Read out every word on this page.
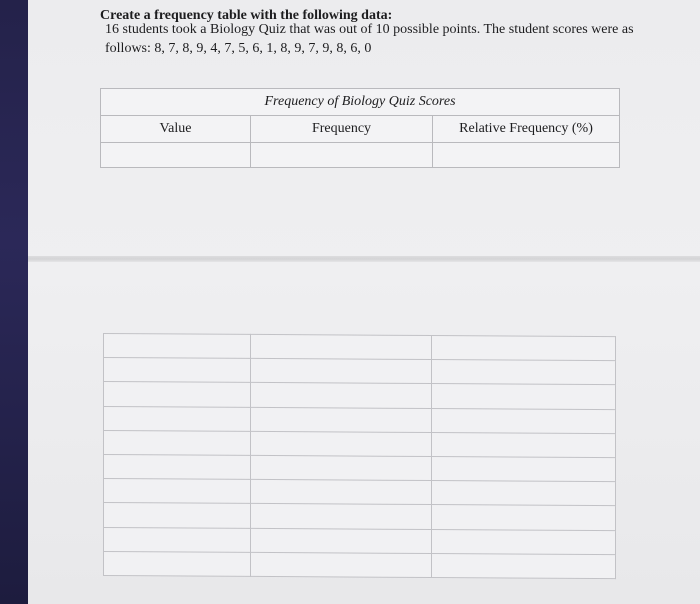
Create a frequency table with the following data:
16 students took a Biology Quiz that was out of 10 possible points. The student scores were as
follows: 8, 7, 8, 9, 4, 7, 5, 6, 1, 8, 9, 7, 9, 8, 6, 0
Frequency of Biology Quiz Scores		
Value	Frequency	Relative Frequency (%)
